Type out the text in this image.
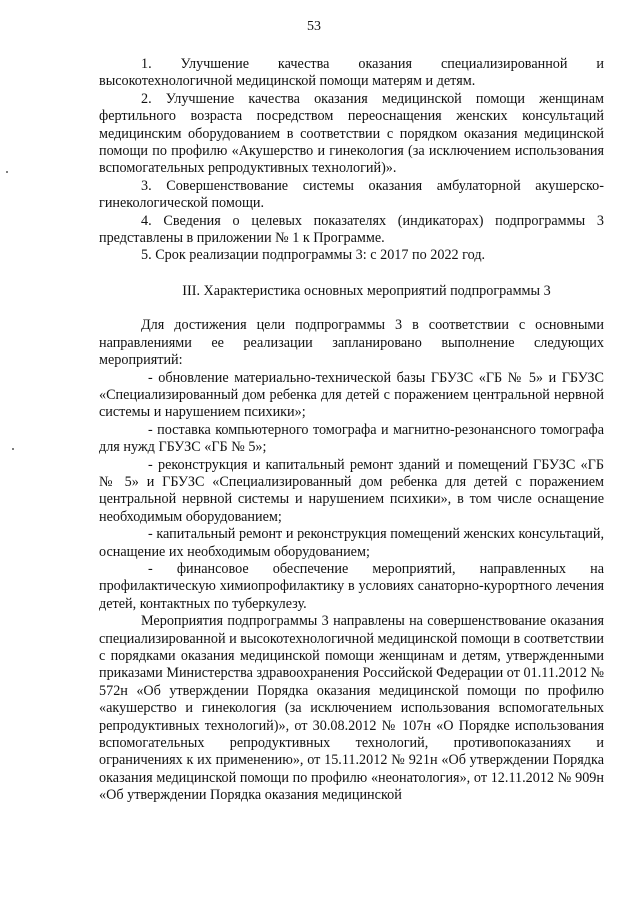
53

1. Улучшение качества оказания специализированной и высокотехнологичной медицинской помощи матерям и детям.

2. Улучшение качества оказания медицинской помощи женщинам фертильного возраста посредством переоснащения женских консультаций медицинским оборудованием в соответствии с порядком оказания медицинской помощи по профилю «Акушерство и гинекология (за исключением использования вспомогательных репродуктивных технологий)».

3. Совершенствование системы оказания амбулаторной акушерско-гинекологической помощи.

4. Сведения о целевых показателях (индикаторах) подпрограммы 3 представлены в приложении № 1 к Программе.

5. Срок реализации подпрограммы 3: с 2017 по 2022 год.

III. Характеристика основных мероприятий подпрограммы 3

Для достижения цели подпрограммы 3 в соответствии с основными направлениями ее реализации запланировано выполнение следующих мероприятий:

- обновление материально-технической базы ГБУЗС «ГБ № 5» и ГБУЗС «Специализированный дом ребенка для детей с поражением центральной нервной системы и нарушением психики»;

- поставка компьютерного томографа и магнитно-резонансного томографа для нужд ГБУЗС «ГБ № 5»;

- реконструкция и капитальный ремонт зданий и помещений ГБУЗС «ГБ № 5» и ГБУЗС «Специализированный дом ребенка для детей с поражением центральной нервной системы и нарушением психики», в том числе оснащение необходимым оборудованием;

- капитальный ремонт и реконструкция помещений женских консультаций, оснащение их необходимым оборудованием;

- финансовое обеспечение мероприятий, направленных на профилактическую химиопрофилактику в условиях санаторно-курортного лечения детей, контактных по туберкулезу.

Мероприятия подпрограммы 3 направлены на совершенствование оказания специализированной и высокотехнологичной медицинской помощи в соответствии с порядками оказания медицинской помощи женщинам и детям, утвержденными приказами Министерства здравоохранения Российской Федерации от 01.11.2012 № 572н «Об утверждении Порядка оказания медицинской помощи по профилю «акушерство и гинекология (за исключением использования вспомогательных репродуктивных технологий)», от 30.08.2012 № 107н «О Порядке использования вспомогательных репродуктивных технологий, противопоказаниях и ограничениях к их применению», от 15.11.2012 № 921н «Об утверждении Порядка оказания медицинской помощи по профилю «неонатология», от 12.11.2012 № 909н «Об утверждении Порядка оказания медицинской
